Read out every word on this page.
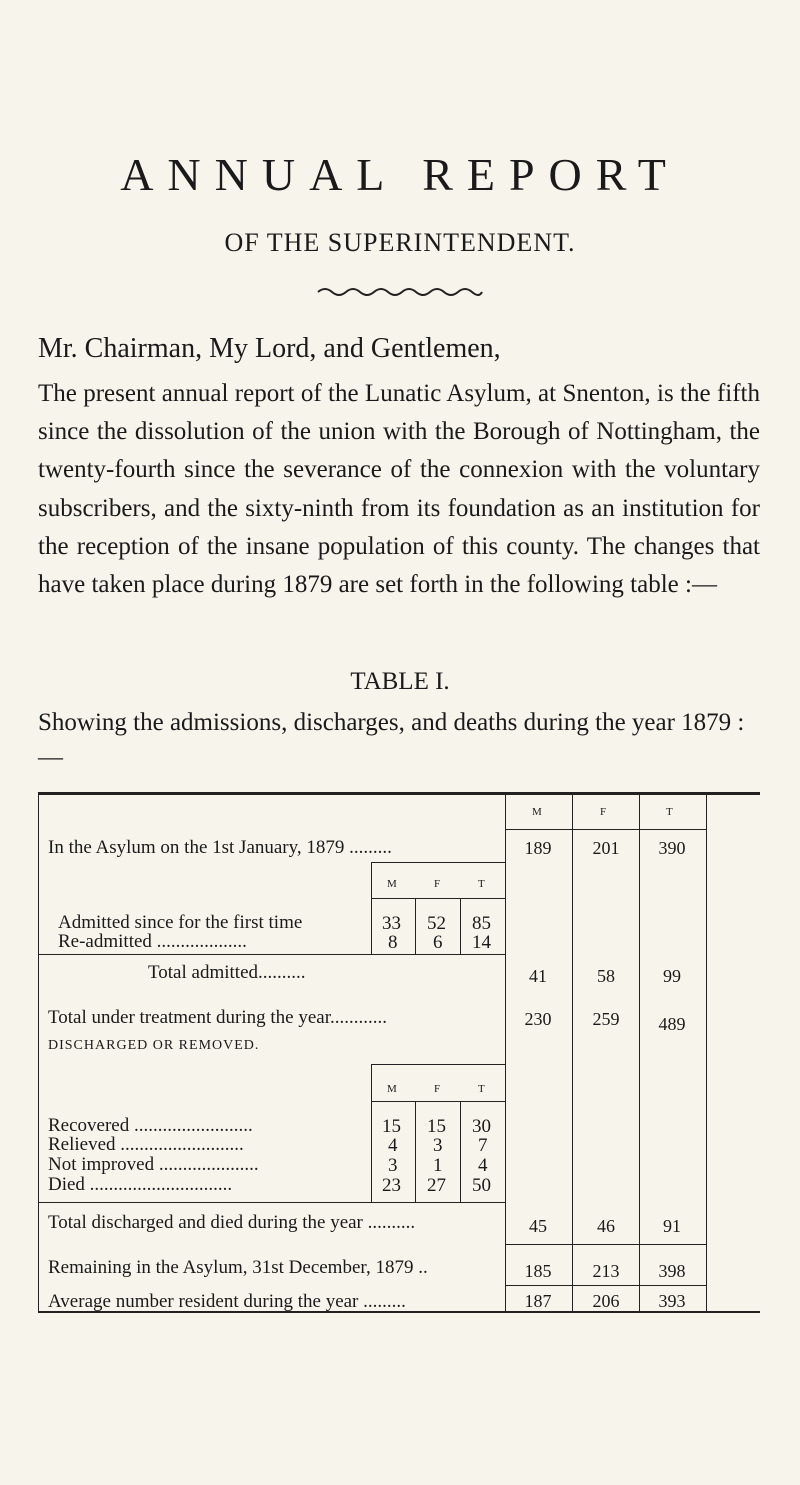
ANNUAL REPORT
OF THE SUPERINTENDENT.
Mr. Chairman, My Lord, and Gentlemen,
The present annual report of the Lunatic Asylum, at Snenton, is the fifth since the dissolution of the union with the Borough of Nottingham, the twenty-fourth since the severance of the connexion with the voluntary subscribers, and the sixty-ninth from its foundation as an institution for the reception of the insane population of this county. The changes that have taken place during 1879 are set forth in the following table :—
TABLE I.
Showing the admissions, discharges, and deaths during the year 1879 :—
M	F	T
In the Asylum on the 1st January, 1879 .........	189	201	390
M	F	T
Admitted since for the first time	33 52 85
Re-admitted ...................	8 6 14
Total admitted..........	41	58	99
Total under treatment during the year............	230	259	489
DISCHARGED OR REMOVED.
M	F	T
Recovered .........................	15 15 30
Relieved ..........................	4 3 7
Not improved .....................	3 1 4
Died ..............................	23 27 50
Total discharged and died during the year ..........	45	46	91
Remaining in the Asylum, 31st December, 1879 ..	185	213	398
Average number resident during the year .........	187	206	393
